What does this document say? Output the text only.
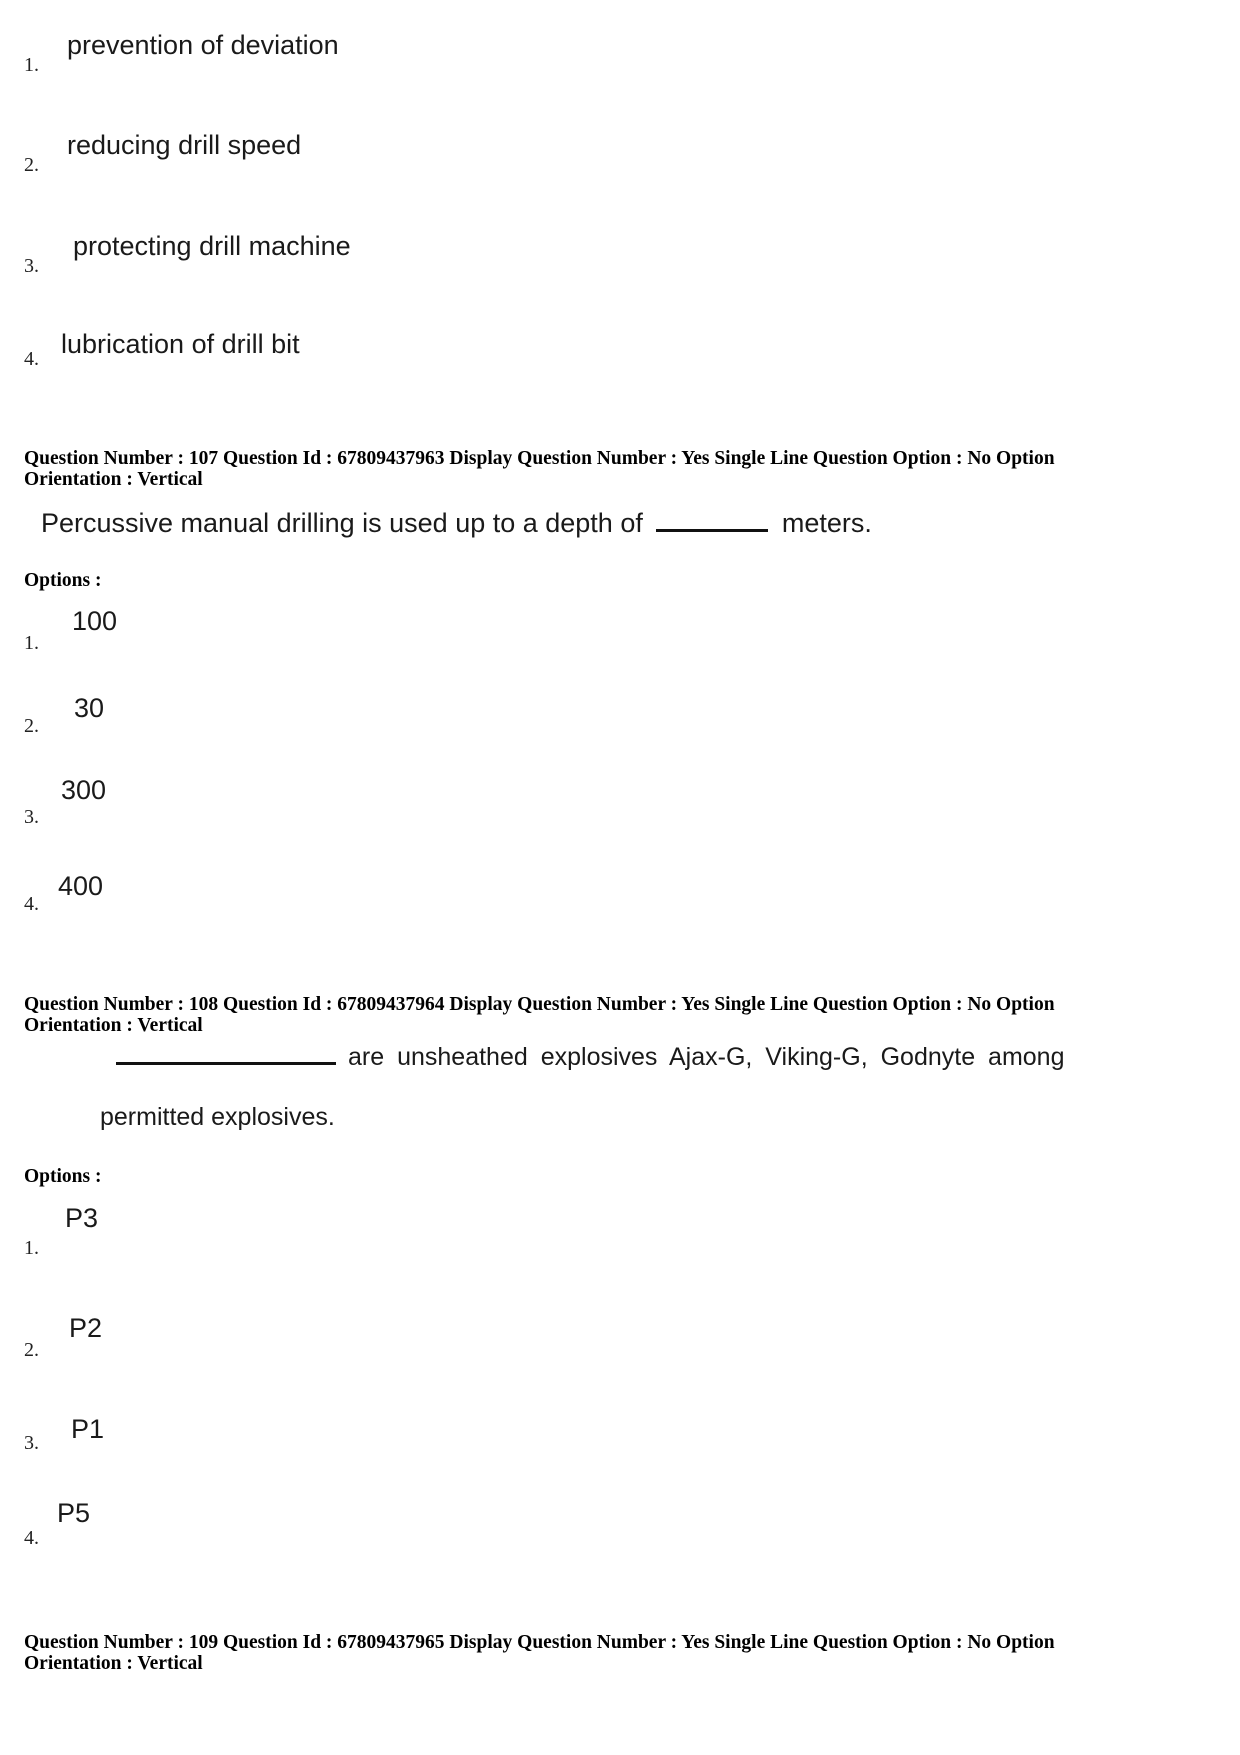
1.
prevention of deviation
2.
reducing drill speed
3.
protecting drill machine
4. lubrication of drill bit
Question Number : 107 Question Id : 67809437963 Display Question Number : Yes Single Line Question Option : No Option
Orientation : Vertical
Percussive manual drilling is used up to a depth of	meters.
Options :
1.
100
2.
30
3.
300
4.
400
Question Number : 108 Question Id : 67809437964 Display Question Number : Yes Single Line Question Option : No Option
Orientation : Vertical
are unsheathed explosives Ajax-G, Viking-G, Godnyte among
permitted explosives.
Options :
1.
P3
2.
P2
3. P1
4.
P5
Question Number : 109 Question Id : 67809437965 Display Question Number : Yes Single Line Question Option : No Option
Orientation : Vertical
